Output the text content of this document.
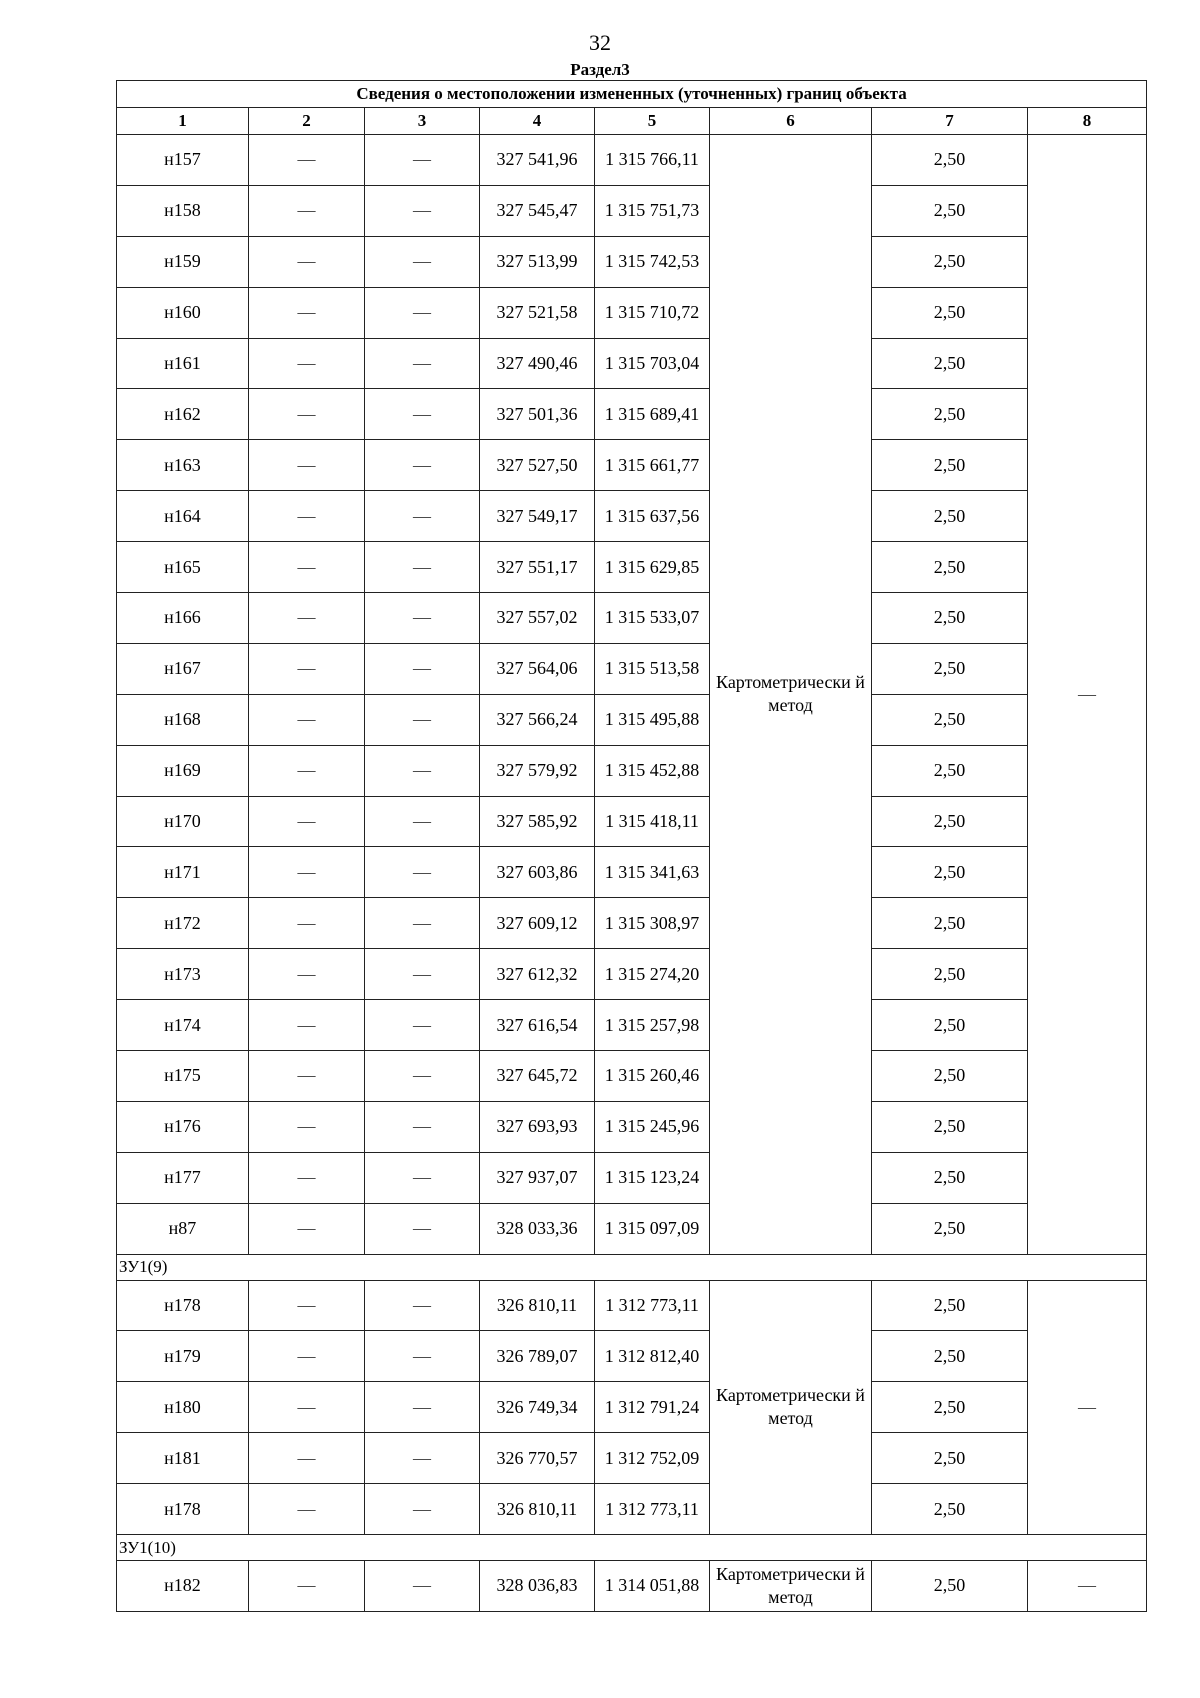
32
Раздел3
Сведения о местоположении измененных (уточненных) границ объекта							
1	2	3	4	5	6	7	8
н157	—	—	327 541,96	1 315 766,11	Картометрически й метод	2,50	—
н158	—	—	327 545,47	1 315 751,73		2,50	
н159	—	—	327 513,99	1 315 742,53		2,50	
н160	—	—	327 521,58	1 315 710,72		2,50	
н161	—	—	327 490,46	1 315 703,04		2,50	
н162	—	—	327 501,36	1 315 689,41		2,50	
н163	—	—	327 527,50	1 315 661,77		2,50	
н164	—	—	327 549,17	1 315 637,56		2,50	
н165	—	—	327 551,17	1 315 629,85		2,50	
н166	—	—	327 557,02	1 315 533,07		2,50	
н167	—	—	327 564,06	1 315 513,58		2,50	
н168	—	—	327 566,24	1 315 495,88		2,50	
н169	—	—	327 579,92	1 315 452,88		2,50	
н170	—	—	327 585,92	1 315 418,11		2,50	
н171	—	—	327 603,86	1 315 341,63		2,50	
н172	—	—	327 609,12	1 315 308,97		2,50	
н173	—	—	327 612,32	1 315 274,20		2,50	
н174	—	—	327 616,54	1 315 257,98		2,50	
н175	—	—	327 645,72	1 315 260,46		2,50	
н176	—	—	327 693,93	1 315 245,96		2,50	
н177	—	—	327 937,07	1 315 123,24		2,50	
н87	—	—	328 033,36	1 315 097,09		2,50	
ЗУ1(9)							
н178	—	—	326 810,11	1 312 773,11	Картометрически й метод	2,50	—
н179	—	—	326 789,07	1 312 812,40		2,50	
н180	—	—	326 749,34	1 312 791,24		2,50	
н181	—	—	326 770,57	1 312 752,09		2,50	
н178	—	—	326 810,11	1 312 773,11		2,50	
ЗУ1(10)							
н182	—	—	328 036,83	1 314 051,88	Картометрически й метод	2,50	—
